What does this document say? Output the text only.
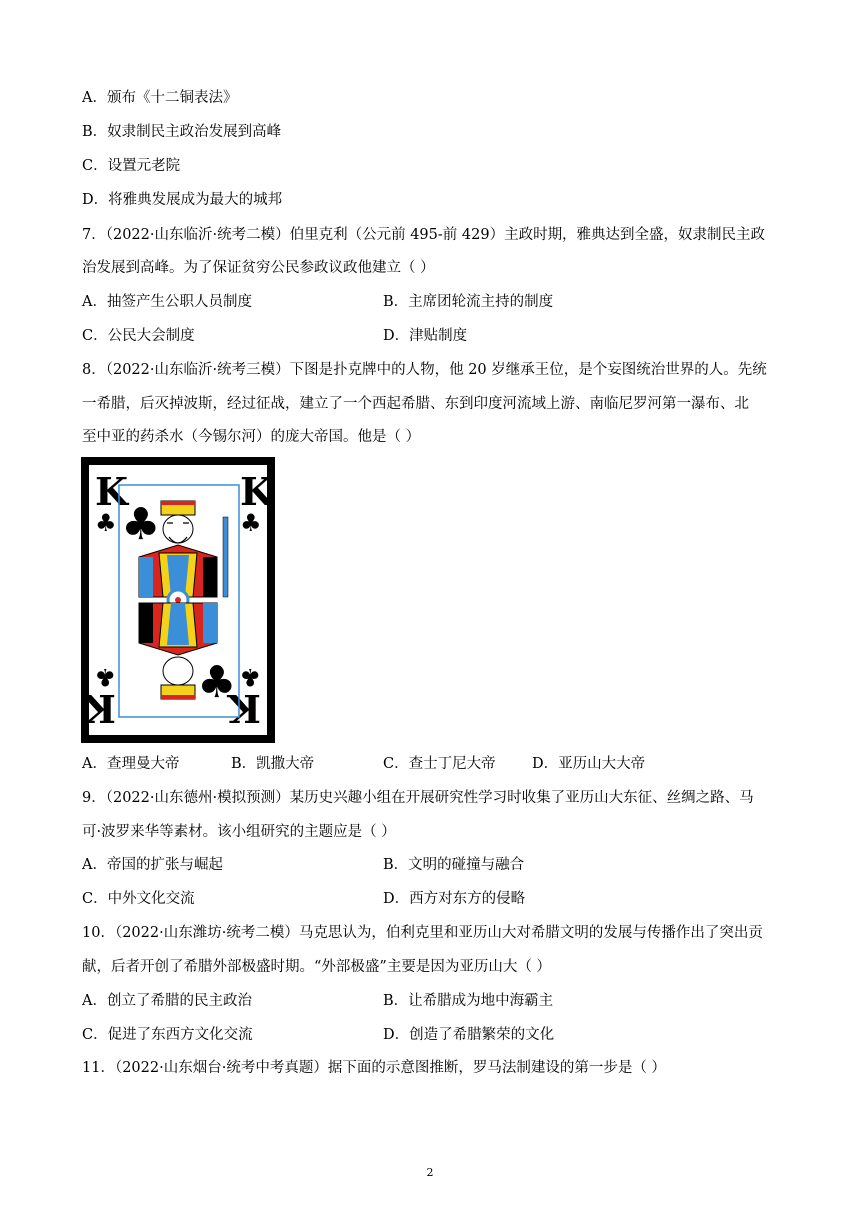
A．颁布《十二铜表法》
B．奴隶制民主政治发展到高峰
C．设置元老院
D．将雅典发展成为最大的城邦
7．（2022·山东临沂·统考二模）伯里克利（公元前 495-前 429）主政时期，雅典达到全盛，奴隶制民主政
治发展到高峰。为了保证贫穷公民参政议政他建立（ ）
A．抽签产生公职人员制度	B．主席团轮流主持的制度
C．公民大会制度	D．津贴制度
8．（2022·山东临沂·统考三模）下图是扑克牌中的人物，他 20 岁继承王位，是个妄图统治世界的人。先统
一希腊，后灭掉波斯，经过征战，建立了一个西起希腊、东到印度河流域上游、南临尼罗河第一瀑布、北
至中亚的药杀水（今锡尔河）的庞大帝国。他是（ ）
K	K
♣	♣
K
K
♣
♣
♣
♣
A．查理曼大帝	B．凯撒大帝	C．查士丁尼大帝	D．亚历山大大帝
9．（2022·山东德州·模拟预测）某历史兴趣小组在开展研究性学习时收集了亚历山大东征、丝绸之路、马
可·波罗来华等素材。该小组研究的主题应是（ ）
A．帝国的扩张与崛起	B．文明的碰撞与融合
C．中外文化交流	D．西方对东方的侵略
10．（2022·山东潍坊·统考二模）马克思认为，伯利克里和亚历山大对希腊文明的发展与传播作出了突出贡
献，后者开创了希腊外部极盛时期。“外部极盛”主要是因为亚历山大（ ）
A．创立了希腊的民主政治	B．让希腊成为地中海霸主
C．促进了东西方文化交流	D．创造了希腊繁荣的文化
11．（2022·山东烟台·统考中考真题）据下面的示意图推断，罗马法制建设的第一步是（ ）
2
